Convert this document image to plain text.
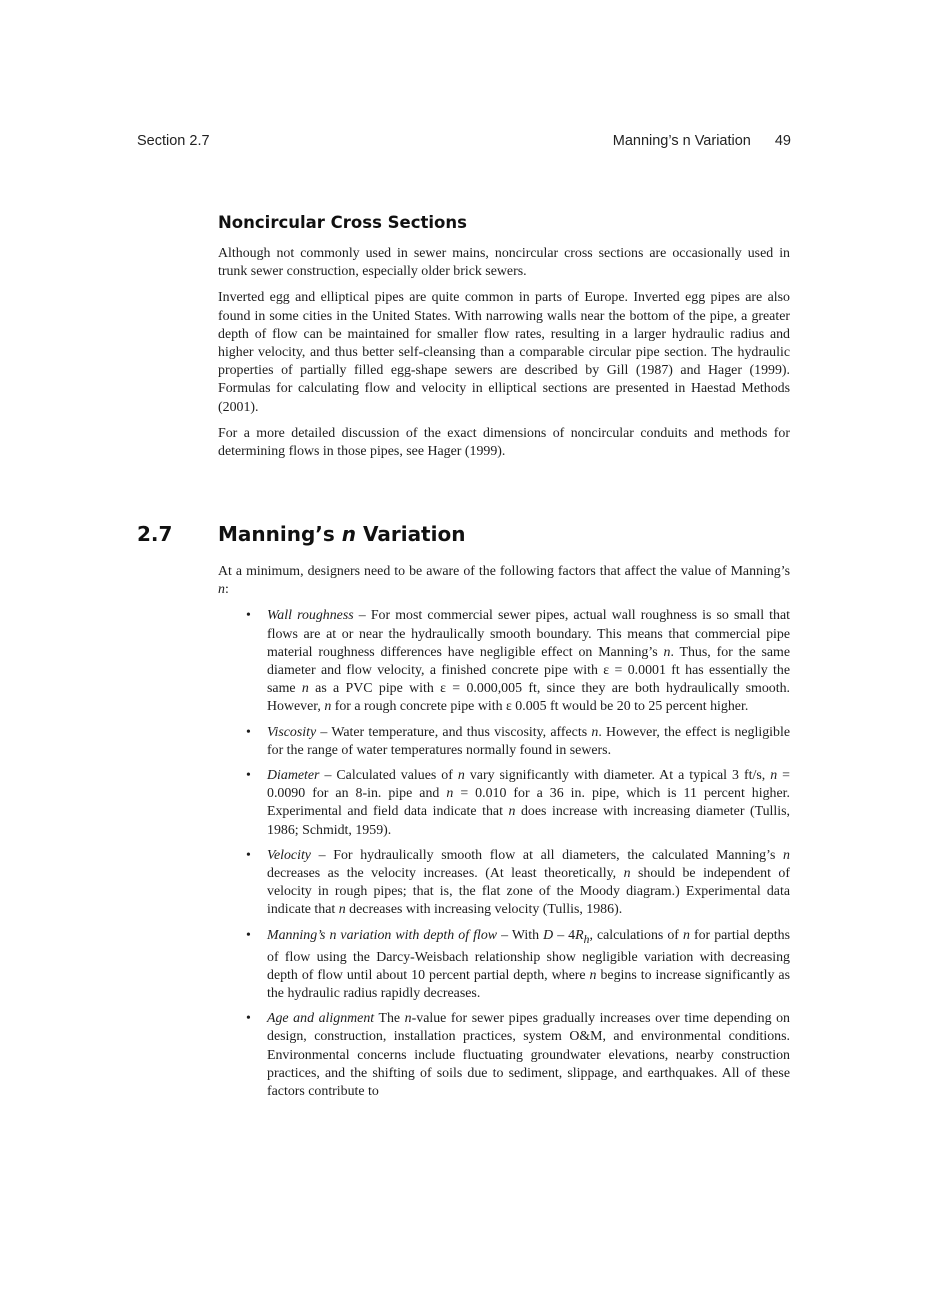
Section 2.7	Manning’s n Variation 49
Noncircular Cross Sections

Although not commonly used in sewer mains, noncircular cross sections are occasionally used in trunk sewer construction, especially older brick sewers.

Inverted egg and elliptical pipes are quite common in parts of Europe. Inverted egg pipes are also found in some cities in the United States. With narrowing walls near the bottom of the pipe, a greater depth of flow can be maintained for smaller flow rates, resulting in a larger hydraulic radius and higher velocity, and thus better self-cleansing than a comparable circular pipe section. The hydraulic properties of partially filled egg-shape sewers are described by Gill (1987) and Hager (1999). Formulas for calculating flow and velocity in elliptical sections are presented in Haestad Methods (2001).

For a more detailed discussion of the exact dimensions of noncircular conduits and methods for determining flows in those pipes, see Hager (1999).

2.7 Manning’s n Variation

At a minimum, designers need to be aware of the following factors that affect the value of Manning’s n:

• Wall roughness – For most commercial sewer pipes, actual wall roughness is so small that flows are at or near the hydraulically smooth boundary. This means that commercial pipe material roughness differences have negligible effect on Manning’s n. Thus, for the same diameter and flow velocity, a finished concrete pipe with ε = 0.0001 ft has essentially the same n as a PVC pipe with ε = 0.000,005 ft, since they are both hydraulically smooth. However, n for a rough concrete pipe with ε 0.005 ft would be 20 to 25 percent higher.
• Viscosity – Water temperature, and thus viscosity, affects n. However, the effect is negligible for the range of water temperatures normally found in sewers.
• Diameter – Calculated values of n vary significantly with diameter. At a typical 3 ft/s, n = 0.0090 for an 8-in. pipe and n = 0.010 for a 36 in. pipe, which is 11 percent higher. Experimental and field data indicate that n does increase with increasing diameter (Tullis, 1986; Schmidt, 1959).
• Velocity – For hydraulically smooth flow at all diameters, the calculated Manning’s n decreases as the velocity increases. (At least theoretically, n should be independent of velocity in rough pipes; that is, the flat zone of the Moody diagram.) Experimental data indicate that n decreases with increasing velocity (Tullis, 1986).
• Manning’s n variation with depth of flow – With D – $4R_h$, calculations of n for partial depths of flow using the Darcy-Weisbach relationship show negligible variation with decreasing depth of flow until about 10 percent partial depth, where n begins to increase significantly as the hydraulic radius rapidly decreases.
• Age and alignment The n-value for sewer pipes gradually increases over time depending on design, construction, installation practices, system O&M, and environmental conditions. Environmental concerns include fluctuating groundwater elevations, nearby construction practices, and the shifting of soils due to sediment, slippage, and earthquakes. All of these factors contribute to
